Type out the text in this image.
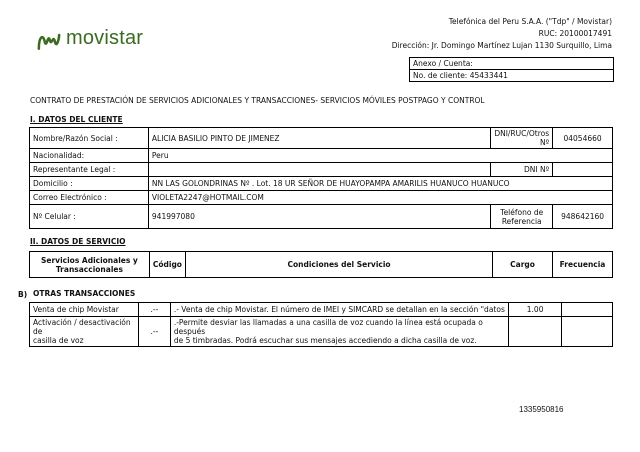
movistar
Telefónica del Peru S.A.A. ("Tdp" / Movistar)
RUC: 20100017491
Dirección: Jr. Domingo Martínez Lujan 1130 Surquillo, Lima
Anexo / Cuenta:
No. de cliente: 45433441
CONTRATO DE PRESTACIÓN DE SERVICIOS ADICIONALES Y TRANSACCIONES- SERVICIOS MÓVILES POSTPAGO Y CONTROL
I. DATOS DEL CLIENTE
Nombre/Razón Social :	ALICIA BASILIO PINTO DE JIMENEZ	DNI/RUC/Otros Nº	04054660
Nacionalidad:	Peru		
Representante Legal :		DNI Nº	
Domicilio :	NN LAS GOLONDRINAS Nº . Lot. 18 UR SEÑOR DE HUAYOPAMPA AMARILIS HUANUCO HUANUCO		
Correo Electrónico :	VIOLETA2247@HOTMAIL.COM		
Nº Celular :	941997080	Teléfono de
Referencia	948642160
II. DATOS DE SERVICIO
Servicios Adicionales y
Transaccionales	Código	Condiciones del Servicio	Cargo	Frecuencia
B) OTRAS TRANSACCIONES
Venta de chip Movistar	.--	.- Venta de chip Movistar. El número de IMEI y SIMCARD se detallan en la sección "datos	1.00	
Activación / desactivación de
casilla de voz	.--	.-Permite desviar las llamadas a una casilla de voz cuando la línea está ocupada o después
de 5 timbradas. Podrá escuchar sus mensajes accediendo a dicha casilla de voz.		
1335950816
